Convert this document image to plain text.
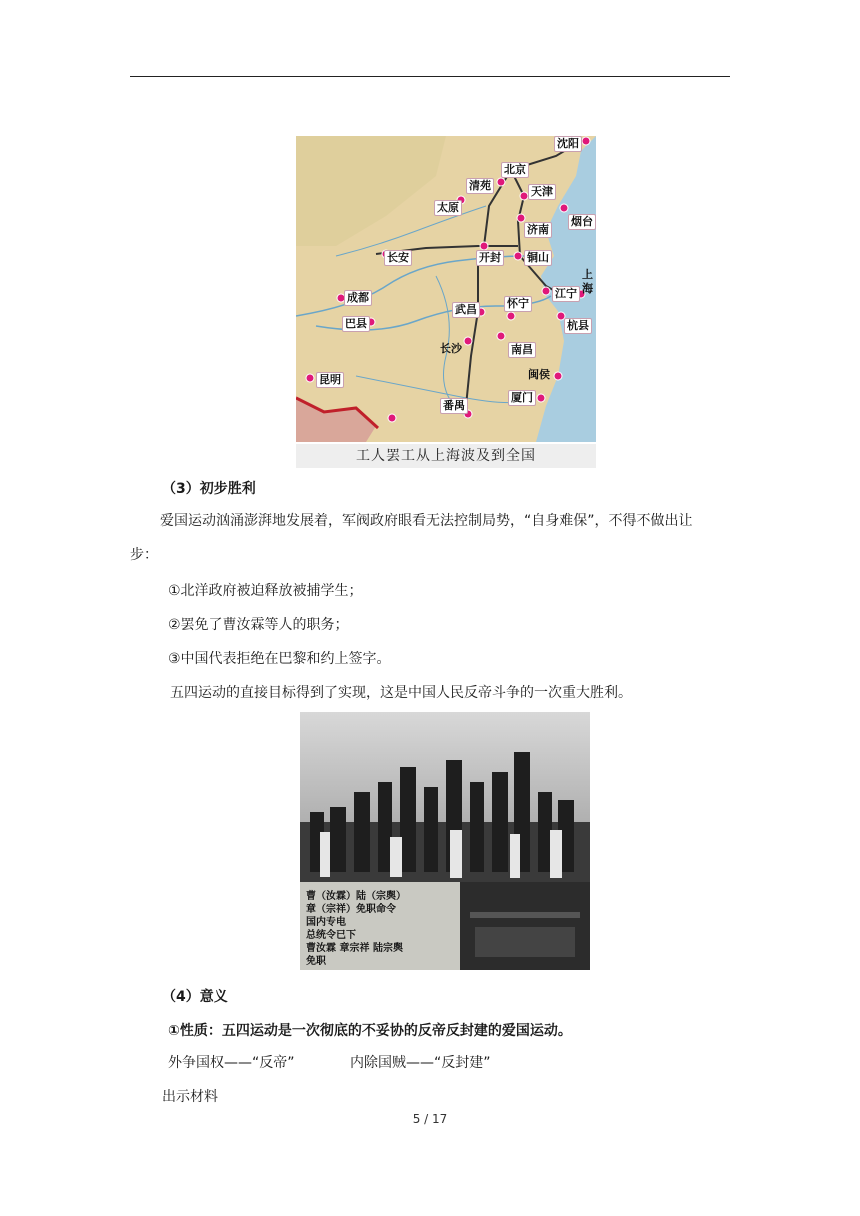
沈阳
北京
清苑	天津
太原
烟台
济南
长安	开封 铜山
上海
成都	怀宁
江宁
武昌
巴县	杭县
长沙	南昌
闽侯
昆明
厦门
番禺
工人罢工从上海波及到全国
（3）初步胜利
爱国运动汹涌澎湃地发展着，军阀政府眼看无法控制局势，“自身难保”，不得不做出让
步：
①北洋政府被迫释放被捕学生；
②罢免了曹汝霖等人的职务；
③中国代表拒绝在巴黎和约上签字。
五四运动的直接目标得到了实现，这是中国人民反帝斗争的一次重大胜利。
曹（汝霖）陆（宗舆）
章（宗祥）免职命令
国内专电
总统令已下
曹汝霖 章宗祥 陆宗舆
免职
（4）意义
①性质：五四运动是一次彻底的不妥协的反帝反封建的爱国运动。
外争国权——“反帝”	内除国贼——“反封建”
出示材料
5 / 17
